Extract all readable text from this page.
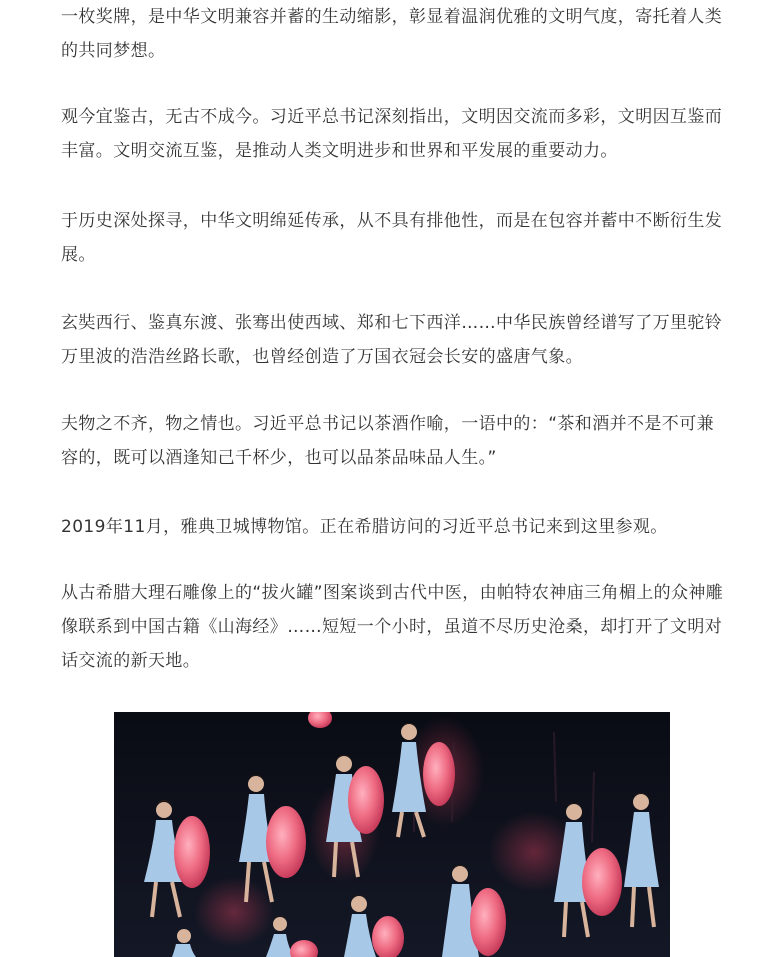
一枚奖牌，是中华文明兼容并蓄的生动缩影，彰显着温润优雅的文明气度，寄托着人类的共同梦想。

观今宜鉴古，无古不成今。习近平总书记深刻指出，文明因交流而多彩，文明因互鉴而丰富。文明交流互鉴，是推动人类文明进步和世界和平发展的重要动力。

于历史深处探寻，中华文明绵延传承，从不具有排他性，而是在包容并蓄中不断衍生发展。

玄奘西行、鉴真东渡、张骞出使西域、郑和七下西洋……中华民族曾经谱写了万里驼铃万里波的浩浩丝路长歌，也曾经创造了万国衣冠会长安的盛唐气象。

夫物之不齐，物之情也。习近平总书记以茶酒作喻，一语中的：“茶和酒并不是不可兼容的，既可以酒逢知己千杯少，也可以品茶品味品人生。”

2019年11月，雅典卫城博物馆。正在希腊访问的习近平总书记来到这里参观。

从古希腊大理石雕像上的“拔火罐”图案谈到古代中医，由帕特农神庙三角楣上的众神雕像联系到中国古籍《山海经》……短短一个小时，虽道不尽历史沧桑，却打开了文明对话交流的新天地。
